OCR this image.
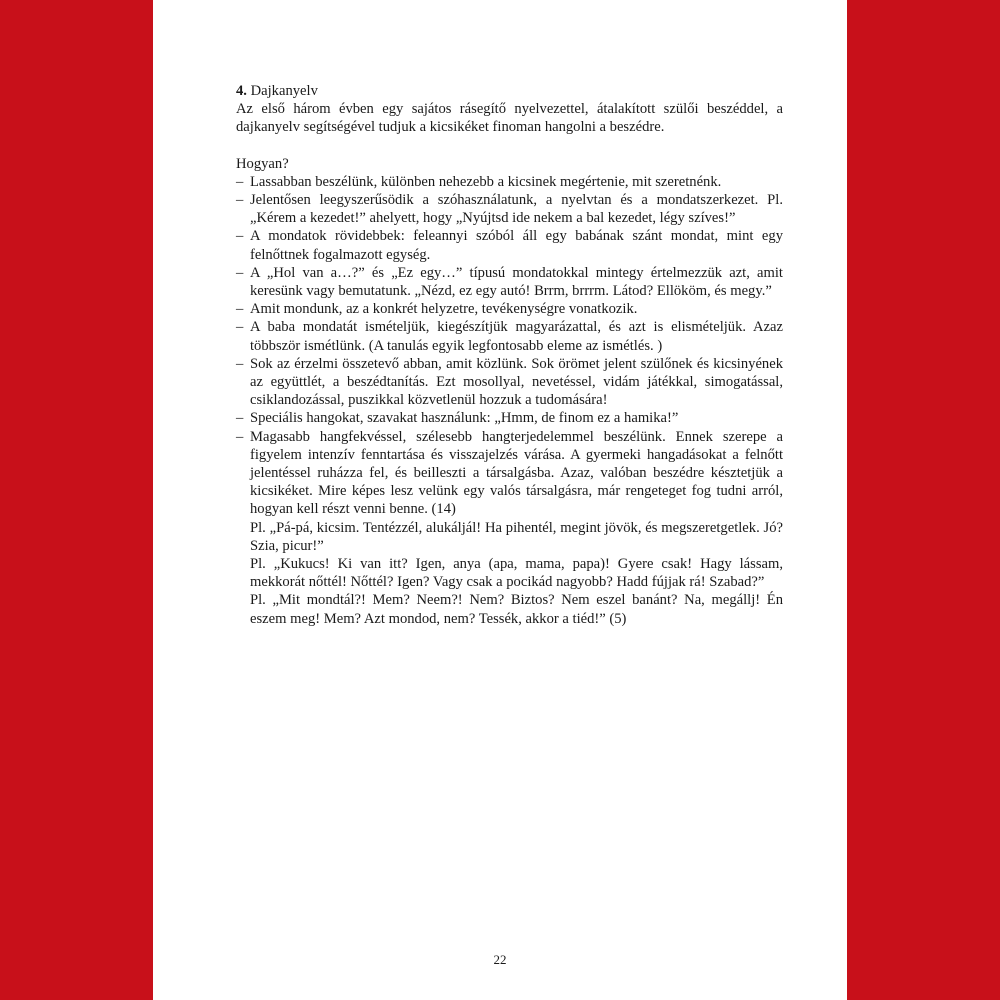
4. Dajkanyelv

Az első három évben egy sajátos rásegítő nyelvezettel, átalakított szülői beszéddel, a dajkanyelv segítségével tudjuk a kicsikéket finoman hangolni a beszédre.

Hogyan?

– Lassabban beszélünk, különben nehezebb a kicsinek megértenie, mit szeretnénk.
– Jelentősen leegyszerűsödik a szóhasználatunk, a nyelvtan és a mondatszerkezet. Pl. „Kérem a kezedet!” ahelyett, hogy „Nyújtsd ide nekem a bal kezedet, légy szíves!”
– A mondatok rövidebbek: feleannyi szóból áll egy babának szánt mondat, mint egy felnőttnek fogalmazott egység.
– A „Hol van a…?” és „Ez egy…” típusú mondatokkal mintegy értelmezzük azt, amit keresünk vagy bemutatunk. „Nézd, ez egy autó! Brrm, brrrm. Látod? Ellököm, és megy.”
– Amit mondunk, az a konkrét helyzetre, tevékenységre vonatkozik.
– A baba mondatát ismételjük, kiegészítjük magyarázattal, és azt is elismételjük. Azaz többször ismétlünk. (A tanulás egyik legfontosabb eleme az ismétlés. )
– Sok az érzelmi összetevő abban, amit közlünk. Sok örömet jelent szülőnek és kicsinyének az együttlét, a beszédtanítás. Ezt mosollyal, nevetéssel, vidám játékkal, simogatással, csiklandozással, puszikkal közvetlenül hozzuk a tudomására!
– Speciális hangokat, szavakat használunk: „Hmm, de finom ez a hamika!”
– Magasabb hangfekvéssel, szélesebb hangterjedelemmel beszélünk. Ennek szerepe a figyelem intenzív fenntartása és visszajelzés várása. A gyermeki hangadásokat a felnőtt jelentéssel ruházza fel, és beilleszti a társalgásba. Azaz, valóban beszédre késztetjük a kicsikéket. Mire képes lesz velünk egy valós társalgásra, már rengeteget fog tudni arról, hogyan kell részt venni benne. (14)

Pl. „Pá-pá, kicsim. Tentézzél, alukáljál! Ha pihentél, megint jövök, és megszeretgetlek. Jó? Szia, picur!”

Pl. „Kukucs! Ki van itt? Igen, anya (apa, mama, papa)! Gyere csak! Hagy lássam, mekkorát nőttél! Nőttél? Igen? Vagy csak a pocikád nagyobb? Hadd fújjak rá! Szabad?”

Pl. „Mit mondtál?! Mem? Neem?! Nem? Biztos? Nem eszel banánt? Na, megállj! Én eszem meg! Mem? Azt mondod, nem? Tessék, akkor a tiéd!” (5)

22
